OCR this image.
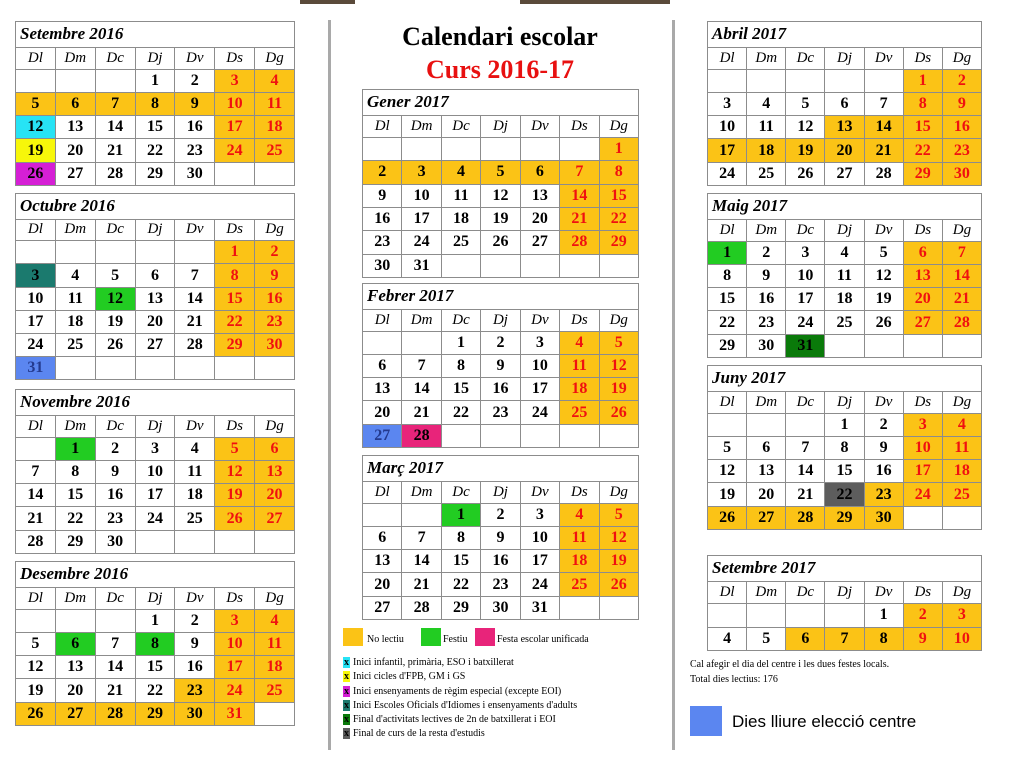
Calendari escolar
Curs 2016-17
Setembre 2016						
Dl	Dm	Dc	Dj	Dv	Ds	Dg
			1	2	3	4
5	6	7	8	9	10	11
12	13	14	15	16	17	18
19	20	21	22	23	24	25
26	27	28	29	30		
Octubre 2016						
Dl	Dm	Dc	Dj	Dv	Ds	Dg
					1	2
3	4	5	6	7	8	9
10	11	12	13	14	15	16
17	18	19	20	21	22	23
24	25	26	27	28	29	30
31						
Novembre 2016						
Dl	Dm	Dc	Dj	Dv	Ds	Dg
	1	2	3	4	5	6
7	8	9	10	11	12	13
14	15	16	17	18	19	20
21	22	23	24	25	26	27
28	29	30				
Desembre 2016						
Dl	Dm	Dc	Dj	Dv	Ds	Dg
			1	2	3	4
5	6	7	8	9	10	11
12	13	14	15	16	17	18
19	20	21	22	23	24	25
26	27	28	29	30	31	
Gener 2017						
Dl	Dm	Dc	Dj	Dv	Ds	Dg
						1
2	3	4	5	6	7	8
9	10	11	12	13	14	15
16	17	18	19	20	21	22
23	24	25	26	27	28	29
30	31					
Febrer 2017						
Dl	Dm	Dc	Dj	Dv	Ds	Dg
		1	2	3	4	5
6	7	8	9	10	11	12
13	14	15	16	17	18	19
20	21	22	23	24	25	26
27	28					
Març 2017						
Dl	Dm	Dc	Dj	Dv	Ds	Dg
		1	2	3	4	5
6	7	8	9	10	11	12
13	14	15	16	17	18	19
20	21	22	23	24	25	26
27	28	29	30	31		
Abril 2017						
Dl	Dm	Dc	Dj	Dv	Ds	Dg
					1	2
3	4	5	6	7	8	9
10	11	12	13	14	15	16
17	18	19	20	21	22	23
24	25	26	27	28	29	30
Maig 2017						
Dl	Dm	Dc	Dj	Dv	Ds	Dg
1	2	3	4	5	6	7
8	9	10	11	12	13	14
15	16	17	18	19	20	21
22	23	24	25	26	27	28
29	30	31				
Juny 2017						
Dl	Dm	Dc	Dj	Dv	Ds	Dg
			1	2	3	4
5	6	7	8	9	10	11
12	13	14	15	16	17	18
19	20	21	22	23	24	25
26	27	28	29	30		
Setembre 2017						
Dl	Dm	Dc	Dj	Dv	Ds	Dg
				1	2	3
4	5	6	7	8	9	10
No lectiu	Festiu	Festa escolar unificada
x Inici infantil, primària, ESO i batxillerat
x Inici cicles d'FPB, GM i GS
x Inici ensenyaments de règim especial (excepte EOI)
x Inici Escoles Oficials d'Idiomes i ensenyaments d'adults
x Final d'activitats lectives de 2n de batxillerat i EOI
x Final de curs de la resta d'estudis
Cal afegir el dia del centre i les dues festes locals.
Total dies lectius: 176
Dies lliure elecció centre
